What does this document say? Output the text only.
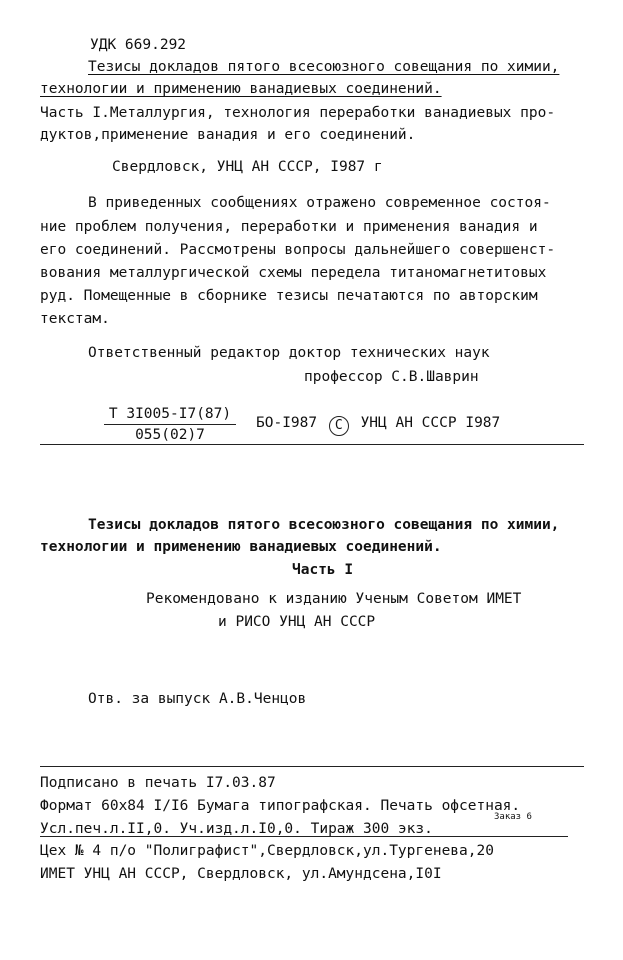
УДК 669.292
Тезисы докладов пятого всесоюзного совещания по химии,
технологии и применению ванадиевых соединений.
Часть I.Металлургия, технология переработки ванадиевых про-
дуктов,применение ванадия и его соединений.
Свердловск, УНЦ АН СССР, I987 г
В приведенных сообщениях отражено современное состоя-
ние проблем получения, переработки и применения ванадия и
его соединений. Рассмотрены вопросы дальнейшего совершенст-
вования металлургической схемы передела титаномагнетитовых
руд. Помещенные в сборнике тезисы печатаются по авторским
текстам.
Ответственный редактор доктор технических наук
профессор С.В.Шаврин
Т 3I005-I7(87)
055(02)7
БО-I987 C УНЦ АН СССР I987
Тезисы докладов пятого всесоюзного совещания по химии,
технологии и применению ванадиевых соединений.
Часть I
Рекомендовано к изданию Ученым Советом ИМЕТ
и РИСО УНЦ АН СССР
Отв. за выпуск А.В.Ченцов
Подписано в печать I7.03.87
Формат 60х84 I/I6 Бумага типографская. Печать офсетная.
Усл.печ.л.II,0. Уч.изд.л.I0,0. Тираж 300 экз.
Заказ 6
Цех № 4 п/о "Полиграфист",Свердловск,ул.Тургенева,20
ИМЕТ УНЦ АН СССР, Свердловск, ул.Амундсена,I0I
